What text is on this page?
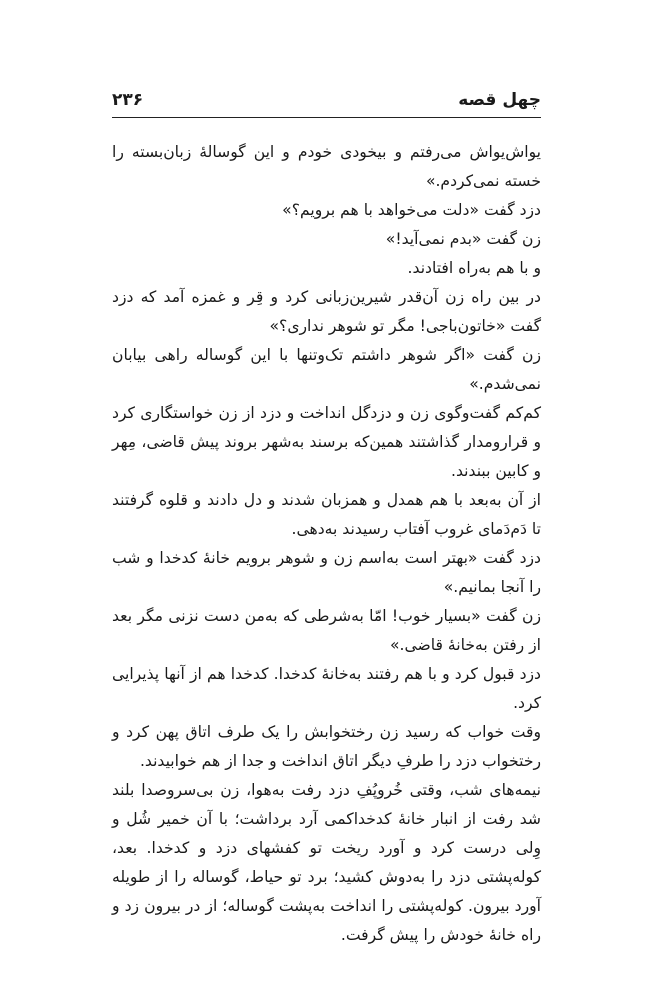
چهل قصه
۲۳۶

یواش‌یواش می‌رفتم و بیخودی خودم و این گوسالهٔ زبان‌بسته را خسته نمی‌کردم.»

دزد گفت «دلت می‌خواهد با هم برویم؟»

زن گفت «بدم نمی‌آید!»

و با هم به‌راه افتادند.

در بین راه زن آن‌قدر شیرین‌زبانی کرد و قِر و غمزه آمد که دزد گفت «خاتون‌باجی! مگر تو شوهر نداری؟»

زن گفت «اگر شوهر داشتم تک‌وتنها با این گوساله راهی بیابان نمی‌شدم.»

کم‌کم گفت‌وگوی زن و دزدگل انداخت و دزد از زن خواستگاری کرد و قرارومدار گذاشتند همین‌که برسند به‌شهر بروند پیش قاضی، مِهر و کابین ببندند.

از آن به‌بعد با هم همدل و همزبان شدند و دل دادند و قلوه گرفتند تا دَم‌دَمای غروب آفتاب رسیدند به‌دهی.

دزد گفت «بهتر است به‌اسم زن و شوهر برویم خانهٔ کدخدا و شب را آنجا بمانیم.»

زن گفت «بسیار خوب! امّا به‌شرطی که به‌من دست نزنی مگر بعد از رفتن به‌خانهٔ قاضی.»

دزد قبول کرد و با هم رفتند به‌خانهٔ کدخدا. کدخدا هم از آنها پذیرایی کرد.

وقت خواب که رسید زن رختخوابش را یک طرف اتاق پهن کرد و رختخواب دزد را طرفِ دیگر اتاق انداخت و جدا از هم خوابیدند.

نیمه‌های شب، وقتی خُروپُفِ دزد رفت به‌هوا، زن بی‌سروصدا بلند شد رفت از انبار خانهٔ کدخداکمی آرد برداشت؛ با آن خمیر شُل و وِلی درست کرد و آورد ریخت تو کفشهای دزد و کدخدا. بعد، کوله‌پشتی دزد را به‌دوش کشید؛ برد تو حیاط، گوساله را از طویله آورد بیرون. کوله‌پشتی را انداخت به‌پشت گوساله؛ از در بیرون زد و راه خانهٔ خودش را پیش گرفت.
